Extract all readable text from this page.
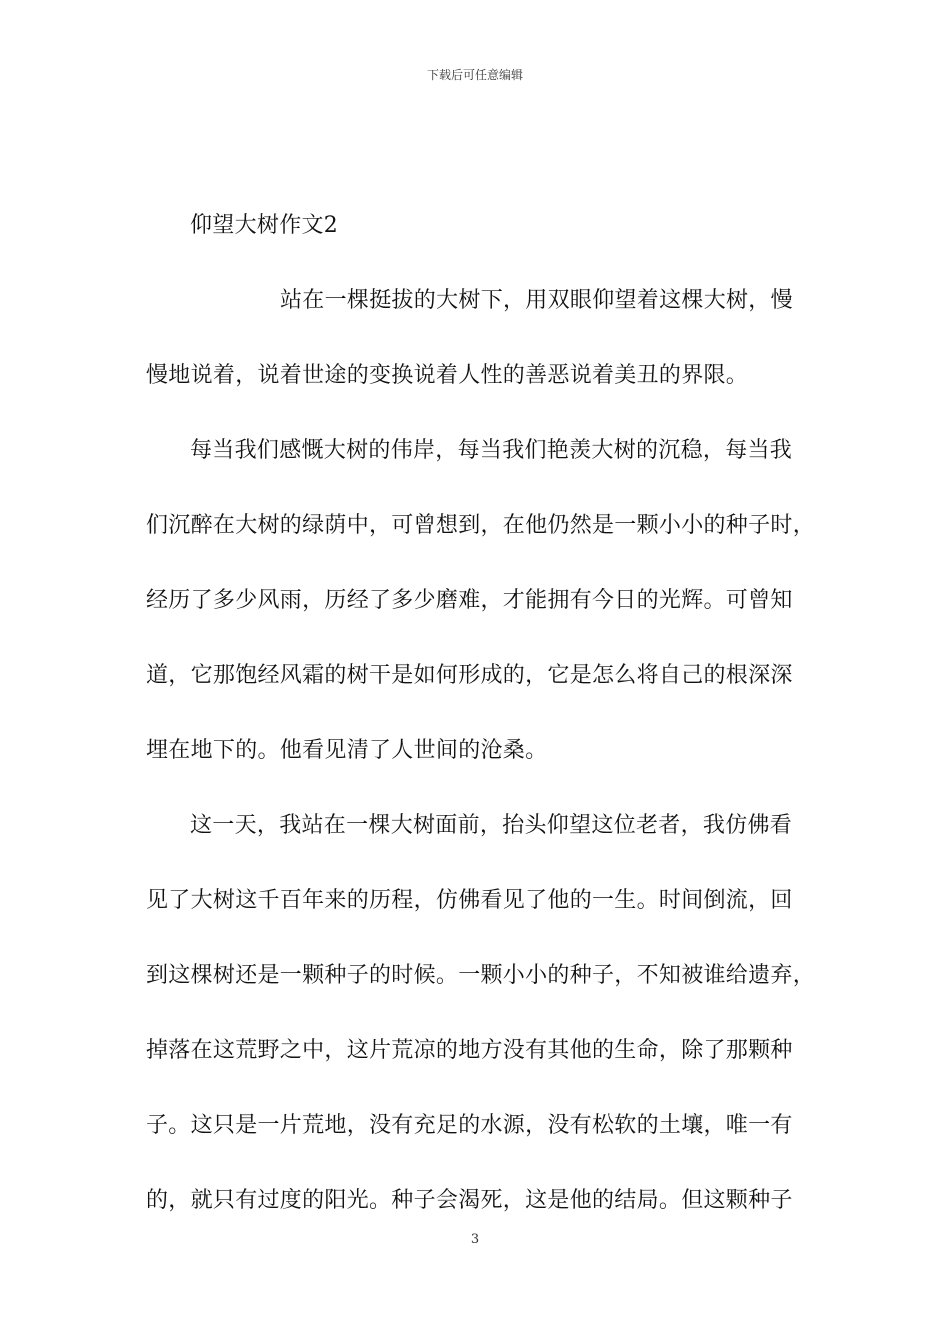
下载后可任意编辑
仰望大树作文2
站在一棵挺拔的大树下，用双眼仰望着这棵大树，慢
慢地说着，说着世途的变换说着人性的善恶说着美丑的界限。
每当我们感慨大树的伟岸，每当我们艳羡大树的沉稳，每当我
们沉醉在大树的绿荫中，可曾想到，在他仍然是一颗小小的种子时，
经历了多少风雨，历经了多少磨难，才能拥有今日的光辉。可曾知
道，它那饱经风霜的树干是如何形成的，它是怎么将自己的根深深
埋在地下的。他看见清了人世间的沧桑。
这一天，我站在一棵大树面前，抬头仰望这位老者，我仿佛看
见了大树这千百年来的历程，仿佛看见了他的一生。时间倒流，回
到这棵树还是一颗种子的时候。一颗小小的种子，不知被谁给遗弃，
掉落在这荒野之中，这片荒凉的地方没有其他的生命，除了那颗种
子。这只是一片荒地，没有充足的水源，没有松软的土壤，唯一有
的，就只有过度的阳光。种子会渴死，这是他的结局。但这颗种子
3
